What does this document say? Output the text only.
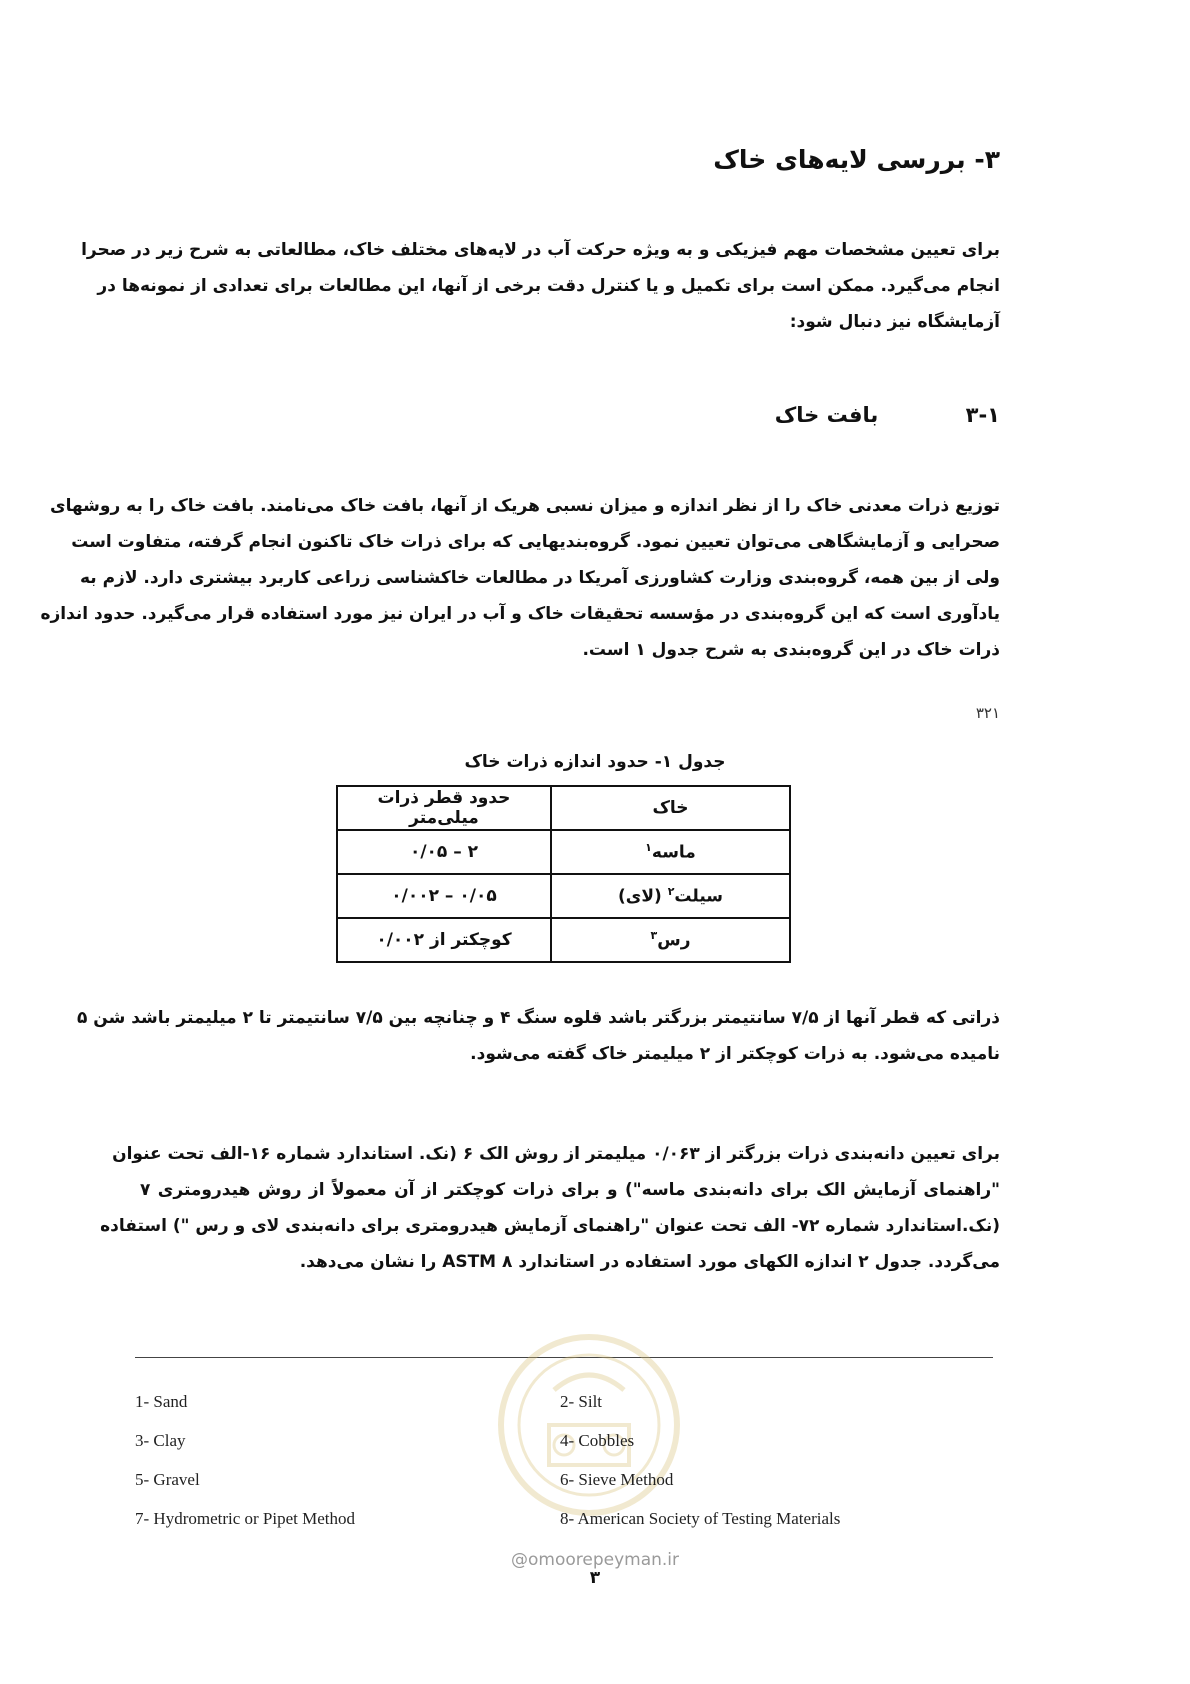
۳- بررسی لایه‌های خاک
برای تعیین مشخصات مهم فیزیکی و به ویژه حرکت آب در لایه‌های مختلف خاک، مطالعاتی به شرح زیر در صحرا
انجام می‌گیرد. ممکن است برای تکمیل و یا کنترل دقت برخی از آنها، این مطالعات برای تعدادی از نمونه‌ها در
آزمایشگاه نیز دنبال شود:
۳-۱ بافت خاک
توزیع ذرات معدنی خاک را از نظر اندازه و میزان نسبی هریک از آنها، بافت خاک می‌نامند. بافت خاک را به روشهای
صحرایی و آزمایشگاهی می‌توان تعیین نمود. گروه‌بندیهایی که برای ذرات خاک تاکنون انجام گرفته، متفاوت است
ولی از بین همه، گروه‌بندی وزارت کشاورزی آمریکا در مطالعات خاکشناسی زراعی کاربرد بیشتری دارد. لازم به
یادآوری است که این گروه‌بندی در مؤسسه تحقیقات خاک و آب در ایران نیز مورد استفاده قرار می‌گیرد. حدود اندازه
ذرات خاک در این گروه‌بندی به شرح جدول ۱ است.
۳۲۱
جدول ۱- حدود اندازه ذرات خاک
خاک	حدود قطر ذرات میلی‌متر
ماسه$^۱$	۲ – ۰/۰۵
سیلت$^۲$ (لای)	۰/۰۵ – ۰/۰۰۲
رس$^۳$	کوچکتر از ۰/۰۰۲
ذراتی که قطر آنها از ۷/۵ سانتیمتر بزرگتر باشد قلوه سنگ ۴ و چنانچه بین ۷/۵ سانتیمتر تا ۲ میلیمتر باشد شن ۵
نامیده می‌شود. به ذرات کوچکتر از ۲ میلیمتر خاک گفته می‌شود.
برای تعیین دانه‌بندی ذرات بزرگتر از ۰/۰۶۳ میلیمتر از روش الک ۶ (نک. استاندارد شماره ۱۶-الف تحت عنوان
"راهنمای آزمایش الک برای دانه‌بندی ماسه") و برای ذرات کوچکتر از آن معمولاً از روش هیدرومتری ۷
(نک.استاندارد شماره ۷۲- الف تحت عنوان "راهنمای آزمایش هیدرومتری برای دانه‌بندی لای و رس ") استفاده
می‌گردد. جدول ۲ اندازه الکهای مورد استفاده در استاندارد ASTM ۸ را نشان می‌دهد.
1- Sand	2- Silt
3- Clay	4- Cobbles
5- Gravel	6- Sieve Method
7- Hydrometric or Pipet Method	8- American Society of Testing Materials
@omoorepeyman.ir
۳
